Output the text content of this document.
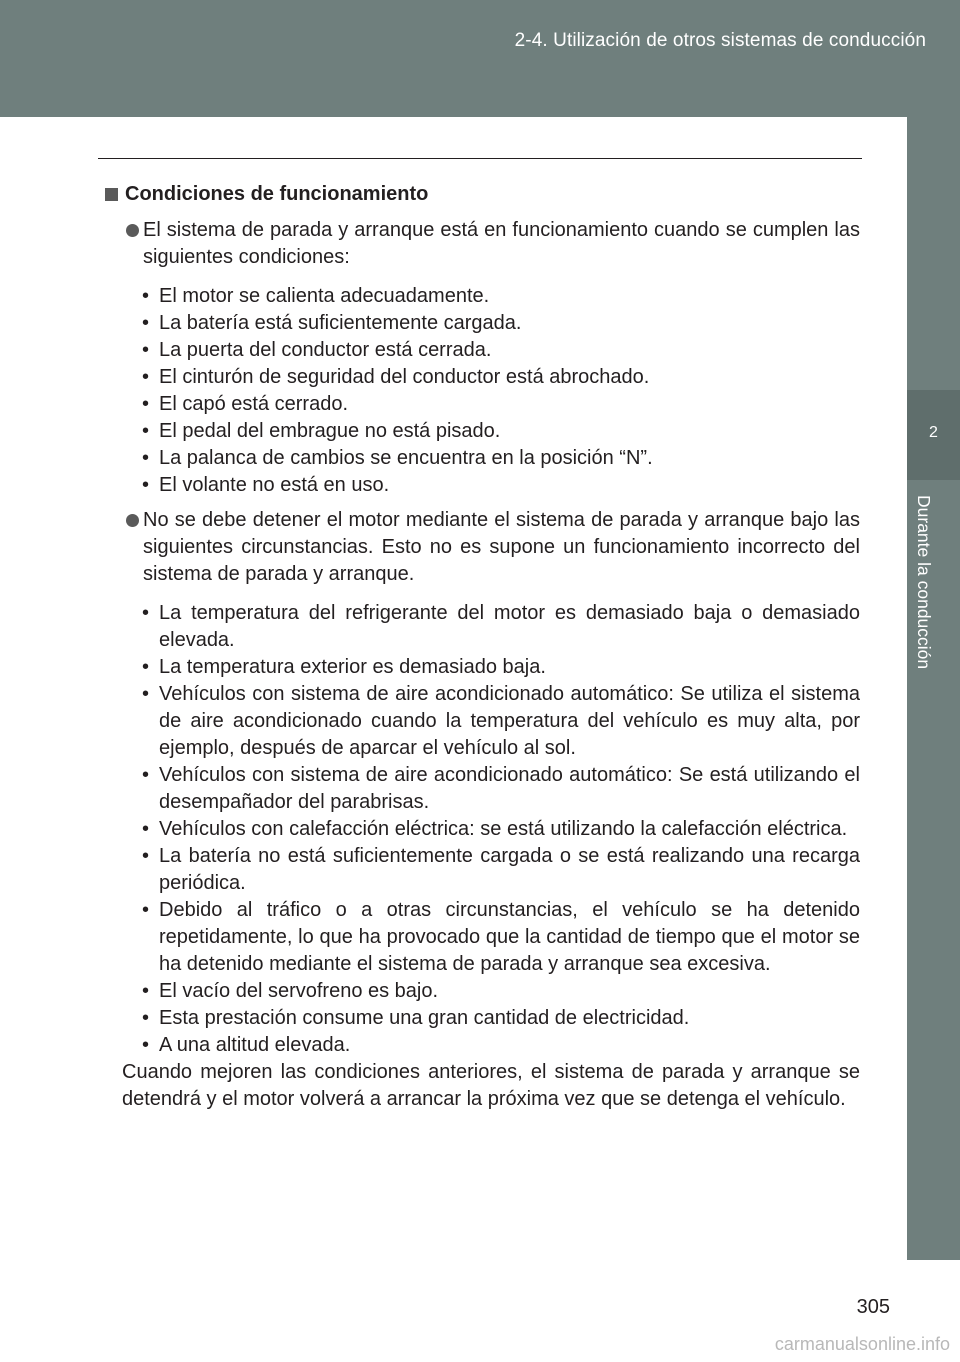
2-4. Utilización de otros sistemas de conducción
2
Durante la conducción
Condiciones de funcionamiento
El sistema de parada y arranque está en funcionamiento cuando se cumplen las siguientes condiciones:
• El motor se calienta adecuadamente.
• La batería está suficientemente cargada.
• La puerta del conductor está cerrada.
• El cinturón de seguridad del conductor está abrochado.
• El capó está cerrado.
• El pedal del embrague no está pisado.
• La palanca de cambios se encuentra en la posición “N”.
• El volante no está en uso.
No se debe detener el motor mediante el sistema de parada y arranque bajo las siguientes circunstancias. Esto no es supone un funcionamiento incorrecto del sistema de parada y arranque.
• La temperatura del refrigerante del motor es demasiado baja o demasiado elevada.
• La temperatura exterior es demasiado baja.
• Vehículos con sistema de aire acondicionado automático: Se utiliza el sistema de aire acondicionado cuando la temperatura del vehículo es muy alta, por ejemplo, después de aparcar el vehículo al sol.
• Vehículos con sistema de aire acondicionado automático: Se está utilizando el desempañador del parabrisas.
• Vehículos con calefacción eléctrica: se está utilizando la calefacción eléctrica.
• La batería no está suficientemente cargada o se está realizando una recarga periódica.
• Debido al tráfico o a otras circunstancias, el vehículo se ha detenido repetidamente, lo que ha provocado que la cantidad de tiempo que el motor se ha detenido mediante el sistema de parada y arranque sea excesiva.
• El vacío del servofreno es bajo.
• Esta prestación consume una gran cantidad de electricidad.
• A una altitud elevada.
Cuando mejoren las condiciones anteriores, el sistema de parada y arranque se detendrá y el motor volverá a arrancar la próxima vez que se detenga el vehículo.
305
carmanualsonline.info
